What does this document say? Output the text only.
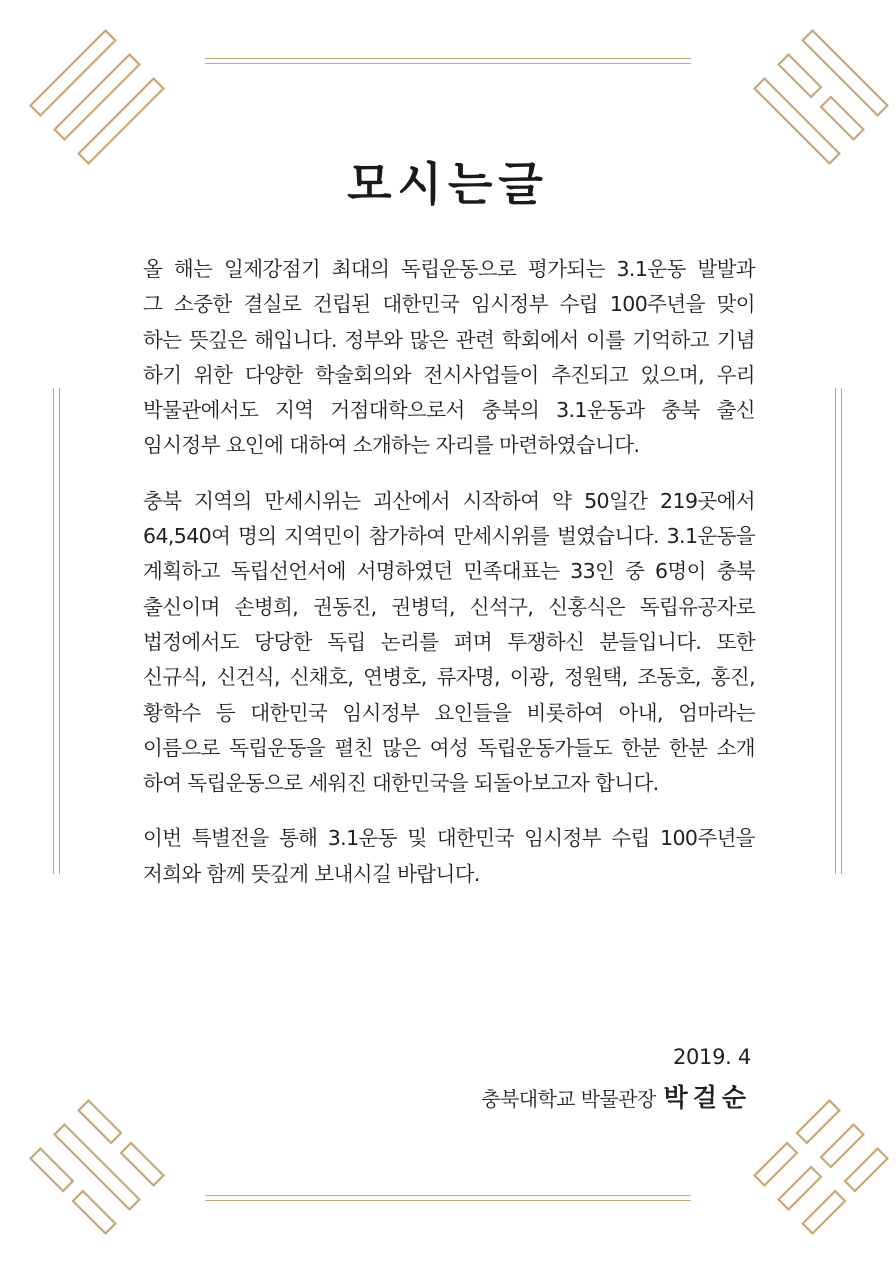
모시는글
올 해는 일제강점기 최대의 독립운동으로 평가되는 3.1운동 발발과
그 소중한 결실로 건립된 대한민국 임시정부 수립 100주년을 맞이
하는 뜻깊은 해입니다. 정부와 많은 관련 학회에서 이를 기억하고 기념
하기 위한 다양한 학술회의와 전시사업들이 추진되고 있으며, 우리
박물관에서도 지역 거점대학으로서 충북의 3.1운동과 충북 출신
임시정부 요인에 대하여 소개하는 자리를 마련하였습니다.
충북 지역의 만세시위는 괴산에서 시작하여 약 50일간 219곳에서
64,540여 명의 지역민이 참가하여 만세시위를 벌였습니다. 3.1운동을
계획하고 독립선언서에 서명하였던 민족대표는 33인 중 6명이 충북
출신이며 손병희, 권동진, 권병덕, 신석구, 신홍식은 독립유공자로
법정에서도 당당한 독립 논리를 펴며 투쟁하신 분들입니다. 또한
신규식, 신건식, 신채호, 연병호, 류자명, 이광, 정원택, 조동호, 홍진,
황학수 등 대한민국 임시정부 요인들을 비롯하여 아내, 엄마라는
이름으로 독립운동을 펼친 많은 여성 독립운동가들도 한분 한분 소개
하여 독립운동으로 세워진 대한민국을 되돌아보고자 합니다.
이번 특별전을 통해 3.1운동 및 대한민국 임시정부 수립 100주년을
저희와 함께 뜻깊게 보내시길 바랍니다.
2019. 4
충북대학교 박물관장 박걸순
